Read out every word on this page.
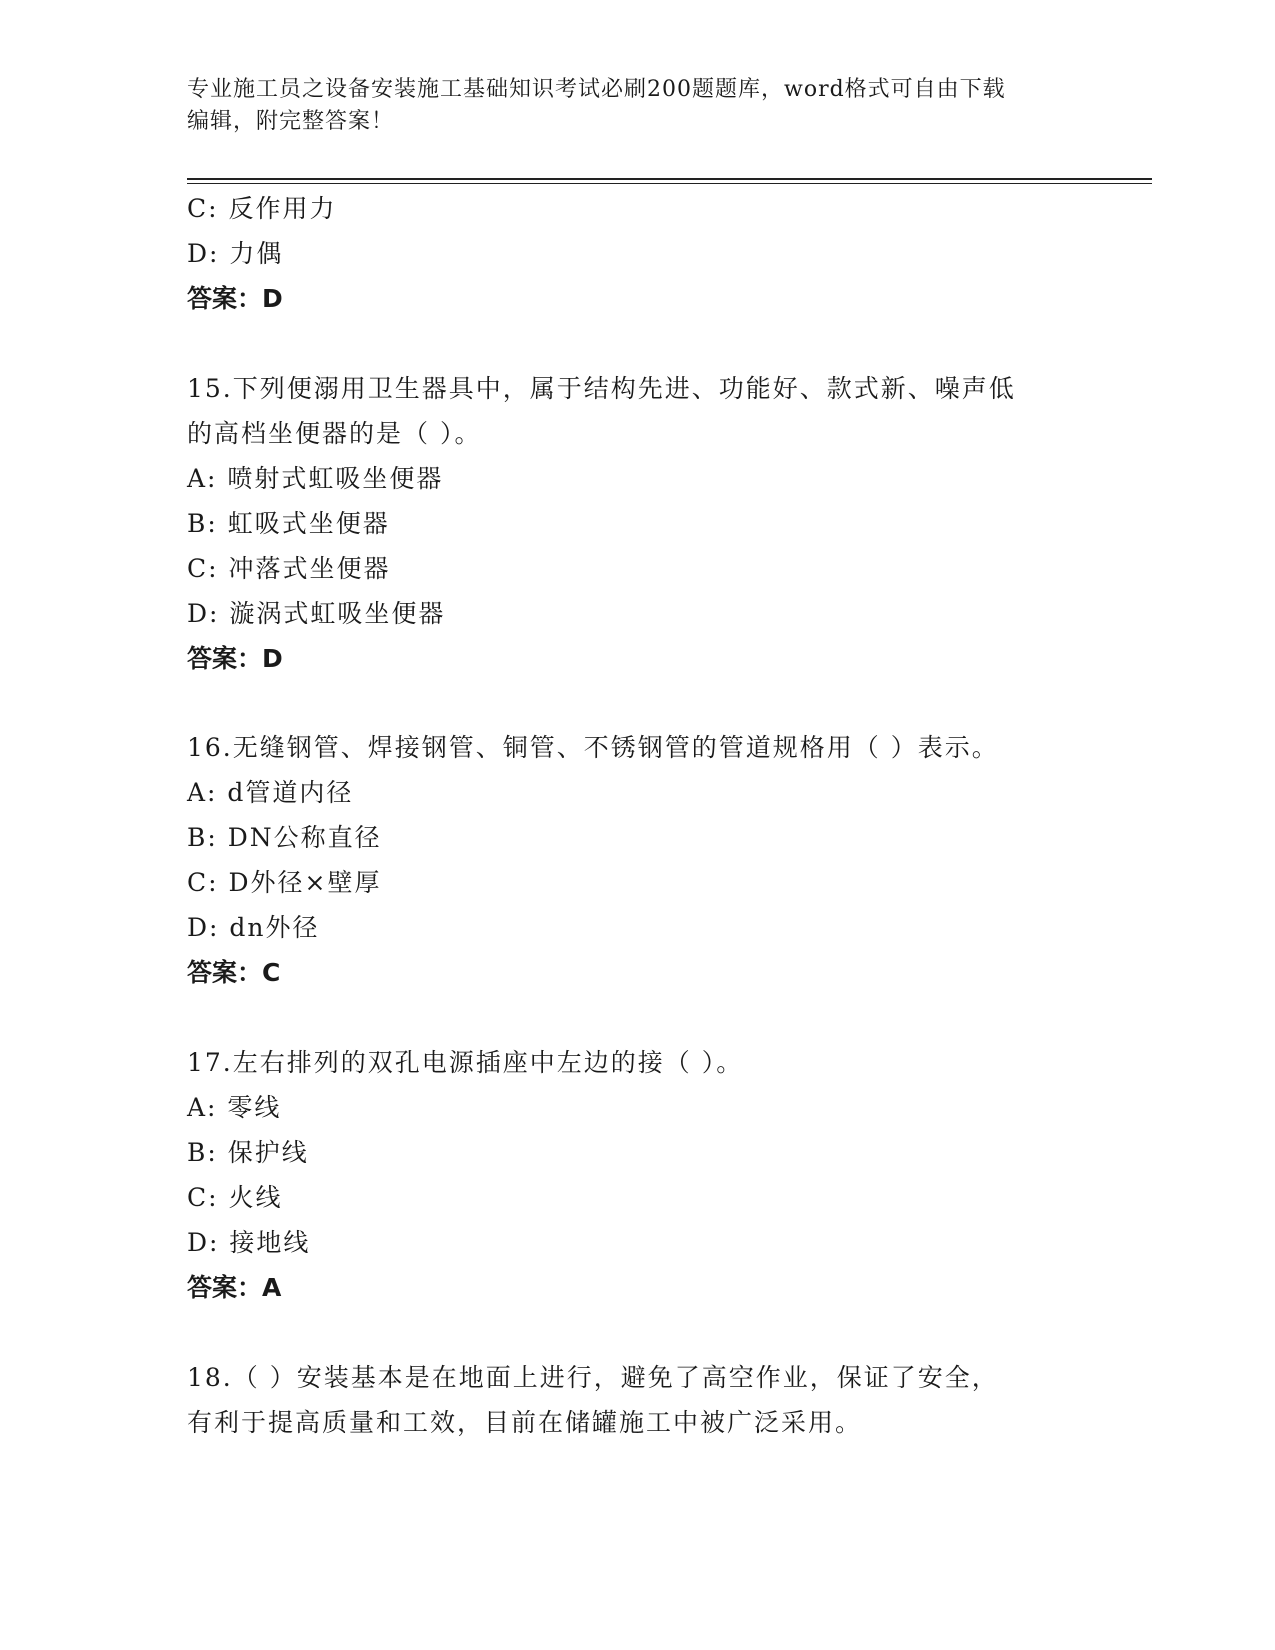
专业施工员之设备安装施工基础知识考试必刷200题题库，word格式可自由下载
编辑，附完整答案！
C: 反作用力
D: 力偶
答案：D
15.下列便溺用卫生器具中，属于结构先进、功能好、款式新、噪声低
的高档坐便器的是（ ）。
A: 喷射式虹吸坐便器
B: 虹吸式坐便器
C: 冲落式坐便器
D: 漩涡式虹吸坐便器
答案：D
16.无缝钢管、焊接钢管、铜管、不锈钢管的管道规格用（ ）表示。
A: d管道内径
B: DN公称直径
C: D外径×壁厚
D: dn外径
答案：C
17.左右排列的双孔电源插座中左边的接（ ）。
A: 零线
B: 保护线
C: 火线
D: 接地线
答案：A
18.（ ）安装基本是在地面上进行，避免了高空作业，保证了安全，
有利于提高质量和工效，目前在储罐施工中被广泛采用。
